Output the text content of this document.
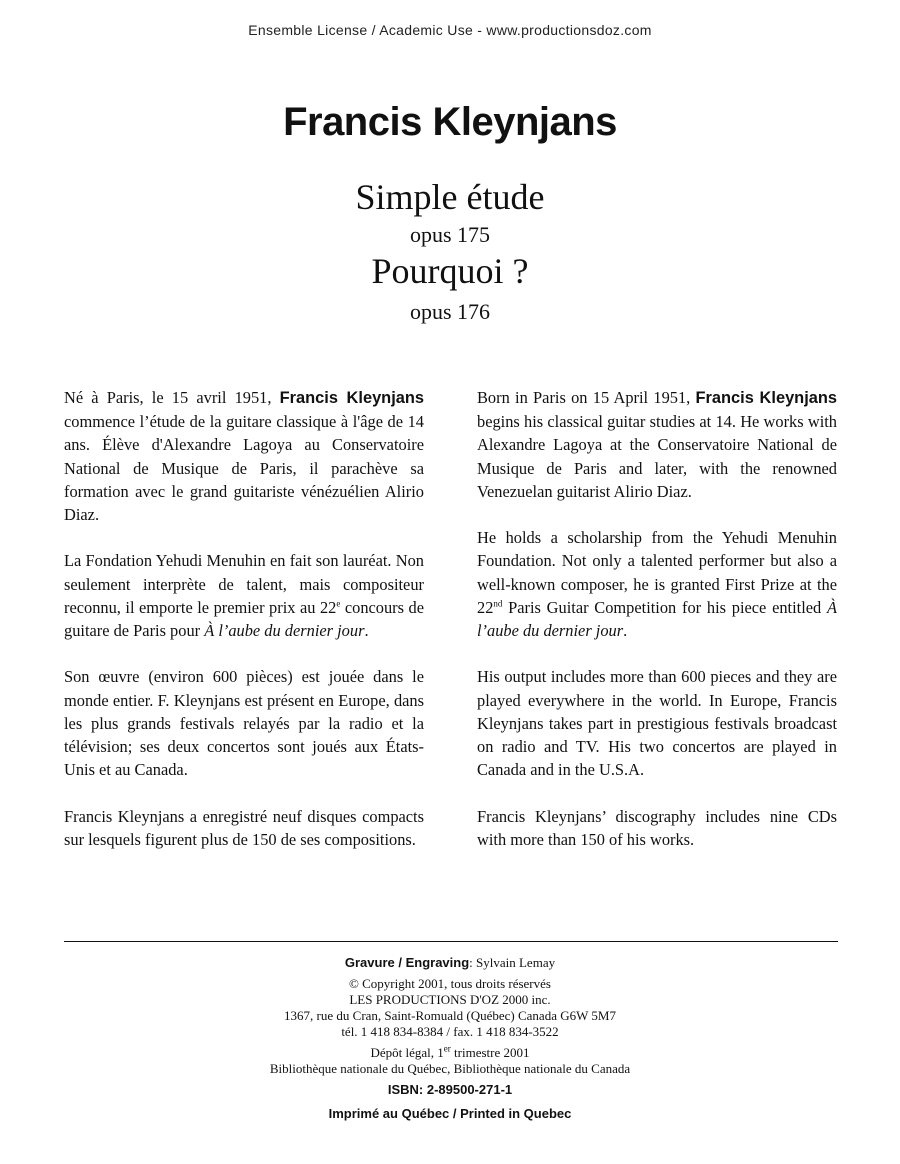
Ensemble License / Academic Use - www.productionsdoz.com
Francis Kleynjans
Simple étude
opus 175
Pourquoi ?
opus 176

Né à Paris, le 15 avril 1951, Francis Kleynjans commence l’étude de la guitare classique à l'âge de 14 ans. Élève d'Alexandre Lagoya au Conservatoire National de Musique de Paris, il parachève sa formation avec le grand guitariste vénézuélien Alirio Diaz.

La Fondation Yehudi Menuhin en fait son lauréat. Non seulement interprète de talent, mais compositeur reconnu, il emporte le premier prix au 22e concours de guitare de Paris pour À l’aube du dernier jour.

Son œuvre (environ 600 pièces) est jouée dans le monde entier. F. Kleynjans est présent en Europe, dans les plus grands festivals relayés par la radio et la télévision; ses deux concertos sont joués aux États-Unis et au Canada.

Francis Kleynjans a enregistré neuf disques compacts sur lesquels figurent plus de 150 de ses compositions.

Born in Paris on 15 April 1951, Francis Kleynjans begins his classical guitar studies at 14. He works with Alexandre Lagoya at the Conservatoire National de Musique de Paris and later, with the renowned Venezuelan guitarist Alirio Diaz.

He holds a scholarship from the Yehudi Menuhin Foundation. Not only a talented performer but also a well-known composer, he is granted First Prize at the 22nd Paris Guitar Competition for his piece entitled À l’aube du dernier jour.

His output includes more than 600 pieces and they are played everywhere in the world. In Europe, Francis Kleynjans takes part in prestigious festivals broadcast on radio and TV. His two concertos are played in Canada and in the U.S.A.

Francis Kleynjans’ discography includes nine CDs with more than 150 of his works.

Gravure / Engraving: Sylvain Lemay
© Copyright 2001, tous droits réservés
LES PRODUCTIONS D'OZ 2000 inc.
1367, rue du Cran, Saint-Romuald (Québec) Canada G6W 5M7
tél. 1 418 834-8384 / fax. 1 418 834-3522
Dépôt légal, 1er trimestre 2001
Bibliothèque nationale du Québec, Bibliothèque nationale du Canada
ISBN: 2-89500-271-1
Imprimé au Québec / Printed in Quebec
